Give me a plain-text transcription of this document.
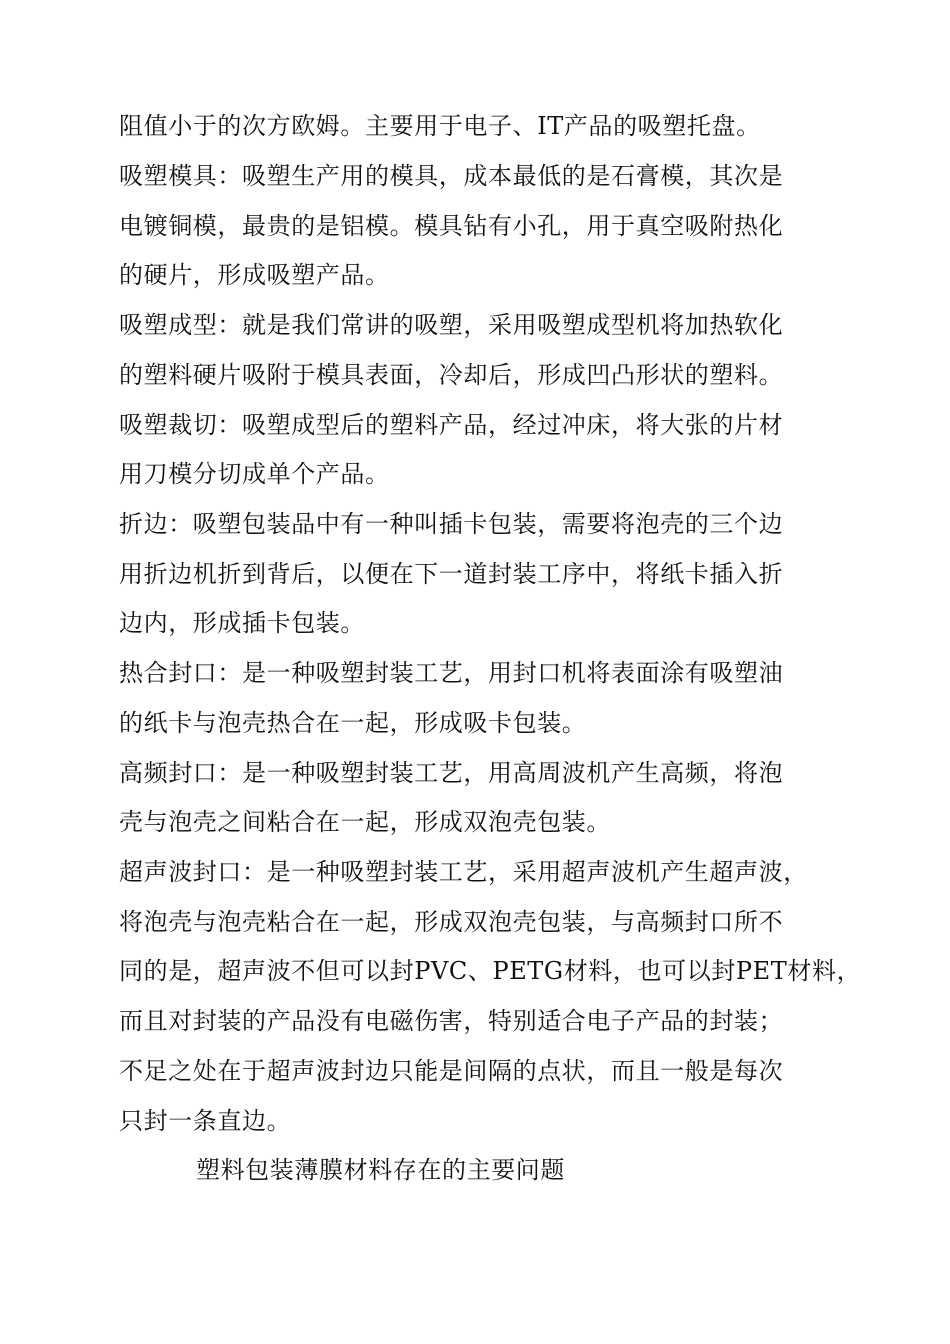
阻值小于的次方欧姆。主要用于电子、IT产品的吸塑托盘。
吸塑模具：吸塑生产用的模具，成本最低的是石膏模，其次是
电镀铜模，最贵的是铝模。模具钻有小孔，用于真空吸附热化
的硬片，形成吸塑产品。
吸塑成型：就是我们常讲的吸塑，采用吸塑成型机将加热软化
的塑料硬片吸附于模具表面，冷却后，形成凹凸形状的塑料。
吸塑裁切：吸塑成型后的塑料产品，经过冲床，将大张的片材
用刀模分切成单个产品。
折边：吸塑包装品中有一种叫插卡包装，需要将泡壳的三个边
用折边机折到背后，以便在下一道封装工序中，将纸卡插入折
边内，形成插卡包装。
热合封口：是一种吸塑封装工艺，用封口机将表面涂有吸塑油
的纸卡与泡壳热合在一起，形成吸卡包装。
高频封口：是一种吸塑封装工艺，用高周波机产生高频，将泡
壳与泡壳之间粘合在一起，形成双泡壳包装。
超声波封口：是一种吸塑封装工艺，采用超声波机产生超声波，
将泡壳与泡壳粘合在一起，形成双泡壳包装，与高频封口所不
同的是，超声波不但可以封PVC、PETG材料，也可以封PET材料，
而且对封装的产品没有电磁伤害，特别适合电子产品的封装；
不足之处在于超声波封边只能是间隔的点状，而且一般是每次
只封一条直边。
塑料包装薄膜材料存在的主要问题
